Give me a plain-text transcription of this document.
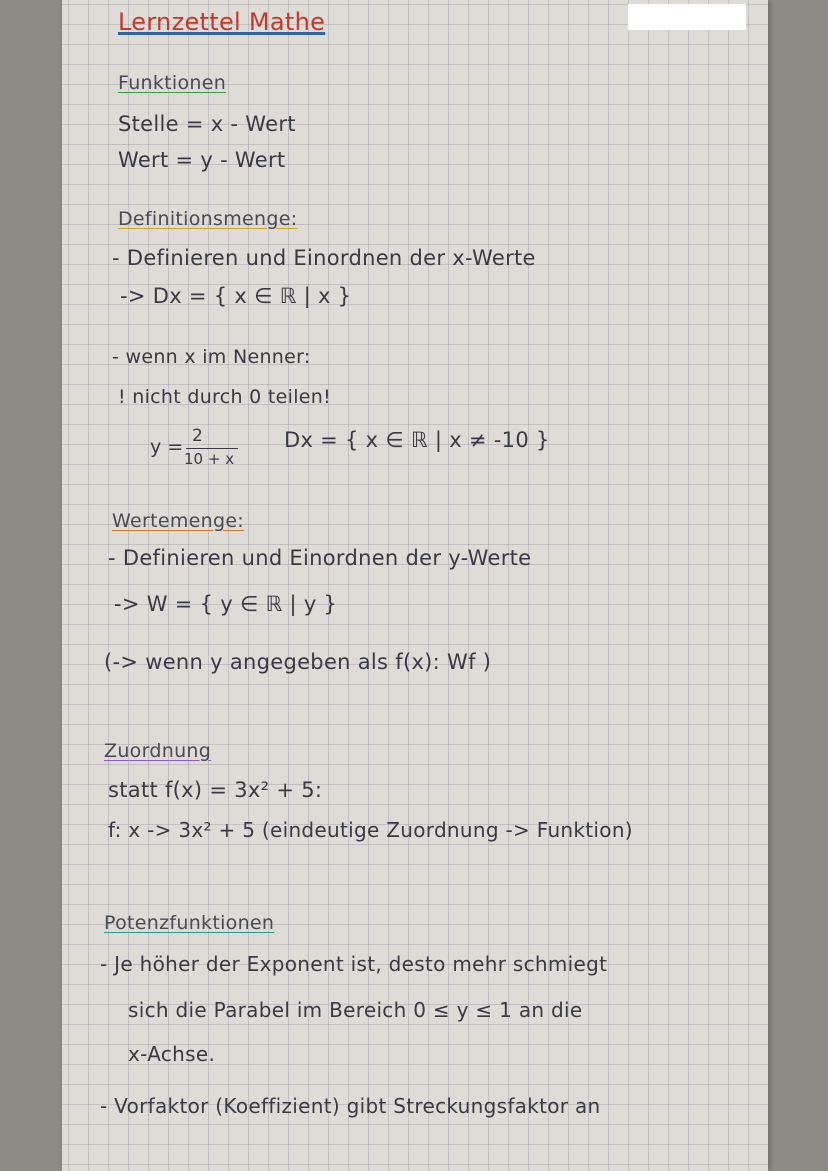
Lernzettel Mathe
Funktionen
Stelle = x - Wert
Wert = y - Wert
Definitionsmenge:
- Definieren und Einordnen der x-Werte
-> Dx = { x ∈ ℝ | x }
- wenn x im Nenner:
! nicht durch 0 teilen!
y = 2
10 + x
Dx = { x ∈ ℝ | x ≠ -10 }
Wertemenge:
- Definieren und Einordnen der y-Werte
-> W = { y ∈ ℝ | y }
(-> wenn y angegeben als f(x): Wf )
Zuordnung
statt f(x) = 3x² + 5:
f: x -> 3x² + 5 (eindeutige Zuordnung -> Funktion)
Potenzfunktionen
- Je höher der Exponent ist, desto mehr schmiegt
sich die Parabel im Bereich 0 ≤ y ≤ 1 an die
x-Achse.
- Vorfaktor (Koeffizient) gibt Streckungsfaktor an
